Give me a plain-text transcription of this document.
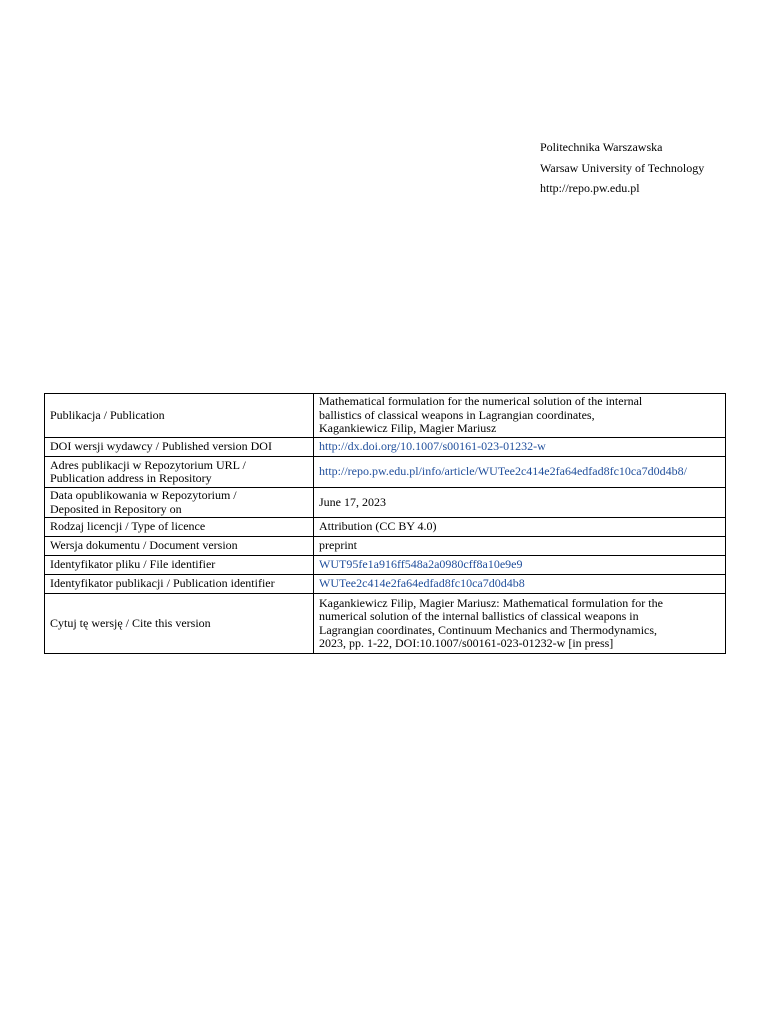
Politechnika Warszawska
Warsaw University of Technology
http://repo.pw.edu.pl
Publikacja / Publication	Mathematical formulation for the numerical solution of the internal
ballistics of classical weapons in Lagrangian coordinates,
Kagankiewicz Filip, Magier Mariusz

DOI wersji wydawcy / Published version DOI	http://dx.doi.org/10.1007/s00161-023-01232-w

Adres publikacji w Repozytorium URL /
Publication address in Repository	http://repo.pw.edu.pl/info/article/WUTee2c414e2fa64edfad8fc10ca7d0d4b8/

Data opublikowania w Repozytorium /
Deposited in Repository on	June 17, 2023
Rodzaj licencji / Type of licence	Attribution (CC BY 4.0)
Wersja dokumentu / Document version	preprint
Identyfikator pliku / File identifier	WUT95fe1a916ff548a2a0980cff8a10e9e9
Identyfikator publikacji / Publication identifier	WUTee2c414e2fa64edfad8fc10ca7d0d4b8
Cytuj tę wersję / Cite this version	Kagankiewicz Filip, Magier Mariusz: Mathematical formulation for the
numerical solution of the internal ballistics of classical weapons in
Lagrangian coordinates, Continuum Mechanics and Thermodynamics,
2023, pp. 1-22, DOI:10.1007/s00161-023-01232-w [in press]
